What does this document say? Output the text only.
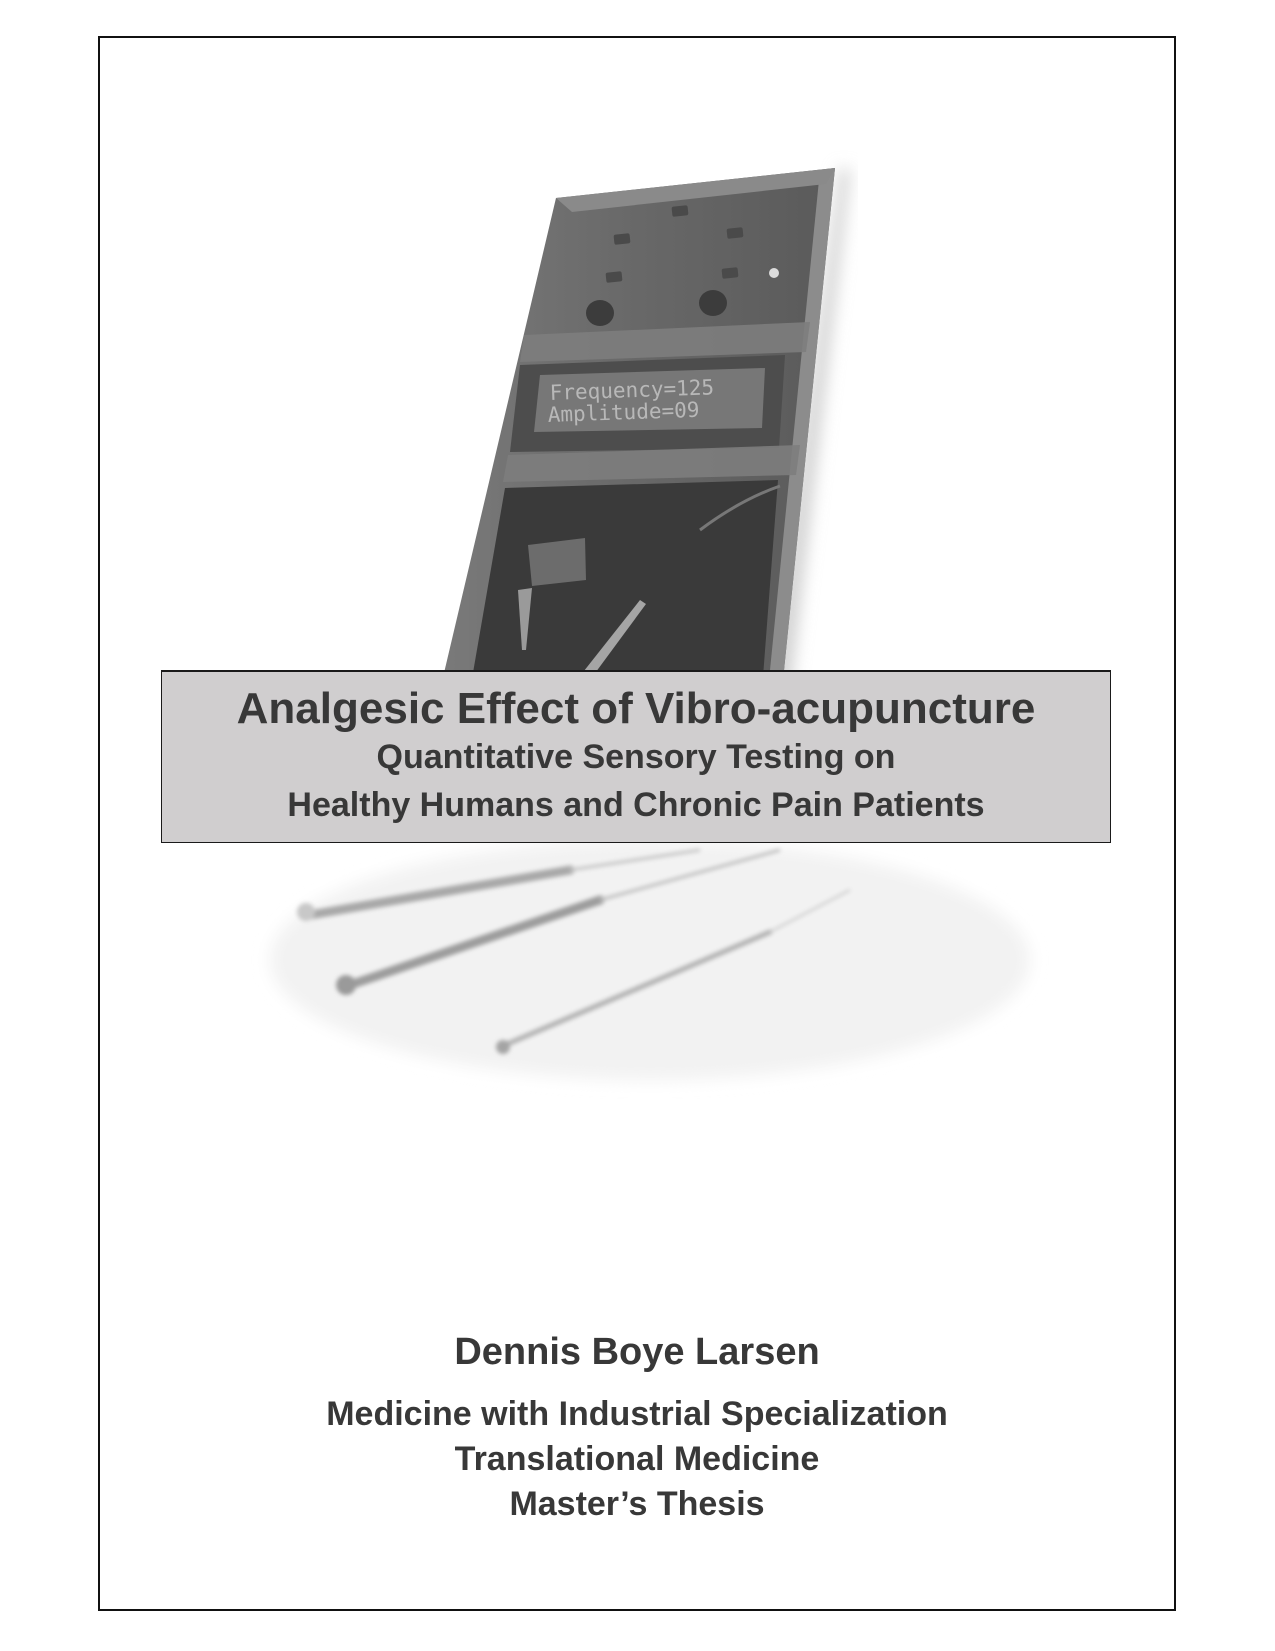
Frequency=125
Amplitude=09
Analgesic Effect of Vibro-acupuncture
Quantitative Sensory Testing on
Healthy Humans and Chronic Pain Patients
Dennis Boye Larsen
Medicine with Industrial Specialization
Translational Medicine
Master’s Thesis
